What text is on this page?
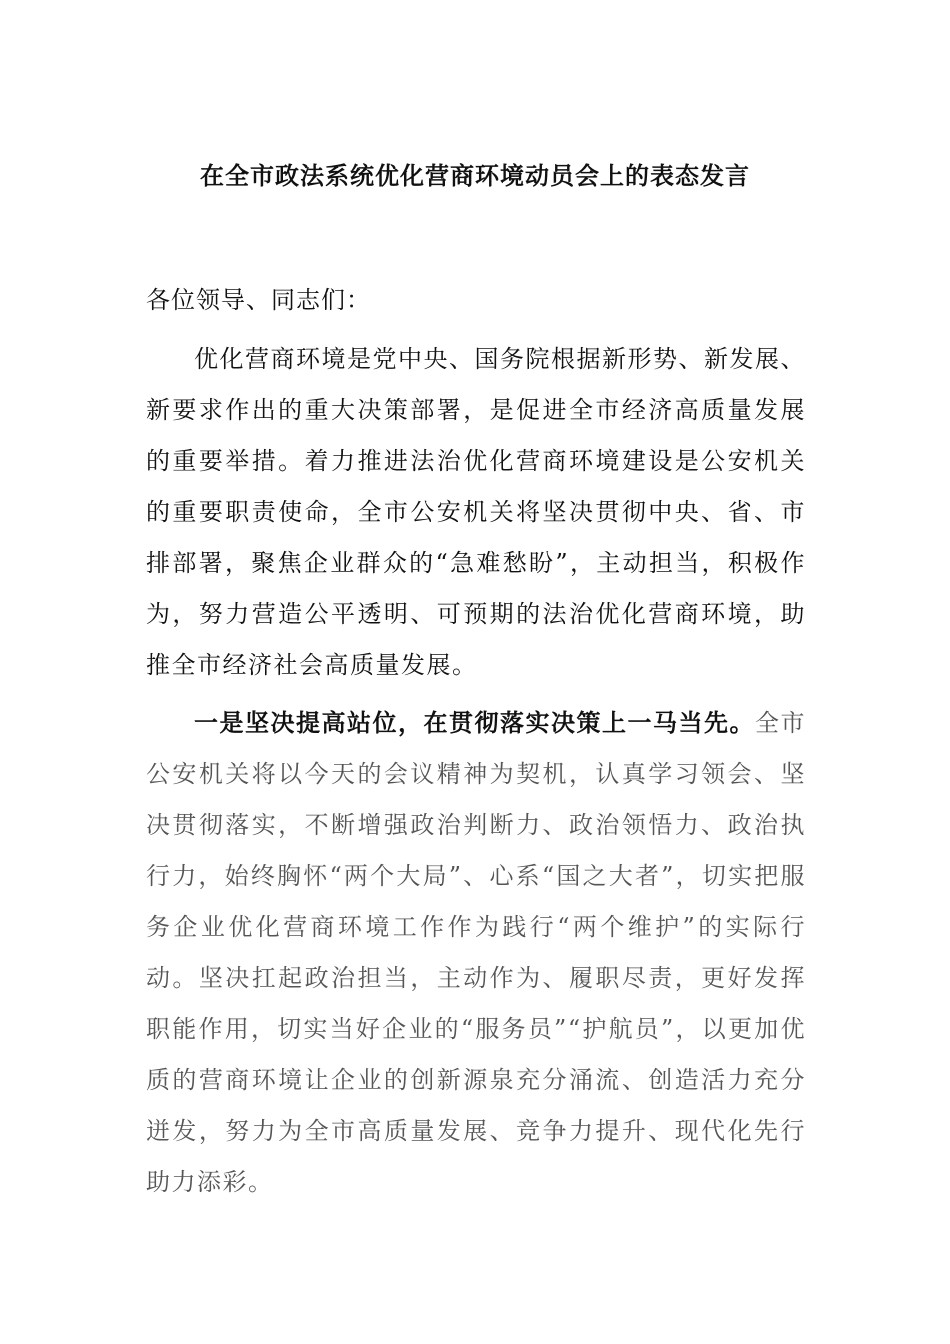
在全市政法系统优化营商环境动员会上的表态发言

各位领导、同志们：

优化营商环境是党中央、国务院根据新形势、新发展、新要求作出的重大决策部署，是促进全市经济高质量发展的重要举措。着力推进法治优化营商环境建设是公安机关的重要职责使命，全市公安机关将坚决贯彻中央、省、市排部署，聚焦企业群众的“急难愁盼”，主动担当，积极作为，努力营造公平透明、可预期的法治优化营商环境，助推全市经济社会高质量发展。

一是坚决提高站位，在贯彻落实决策上一马当先。全市公安机关将以今天的会议精神为契机，认真学习领会、坚决贯彻落实，不断增强政治判断力、政治领悟力、政治执行力，始终胸怀“两个大局”、心系“国之大者”，切实把服务企业优化营商环境工作作为践行“两个维护”的实际行动。坚决扛起政治担当，主动作为、履职尽责，更好发挥职能作用，切实当好企业的“服务员”“护航员”，以更加优质的营商环境让企业的创新源泉充分涌流、创造活力充分迸发，努力为全市高质量发展、竞争力提升、现代化先行助力添彩。
